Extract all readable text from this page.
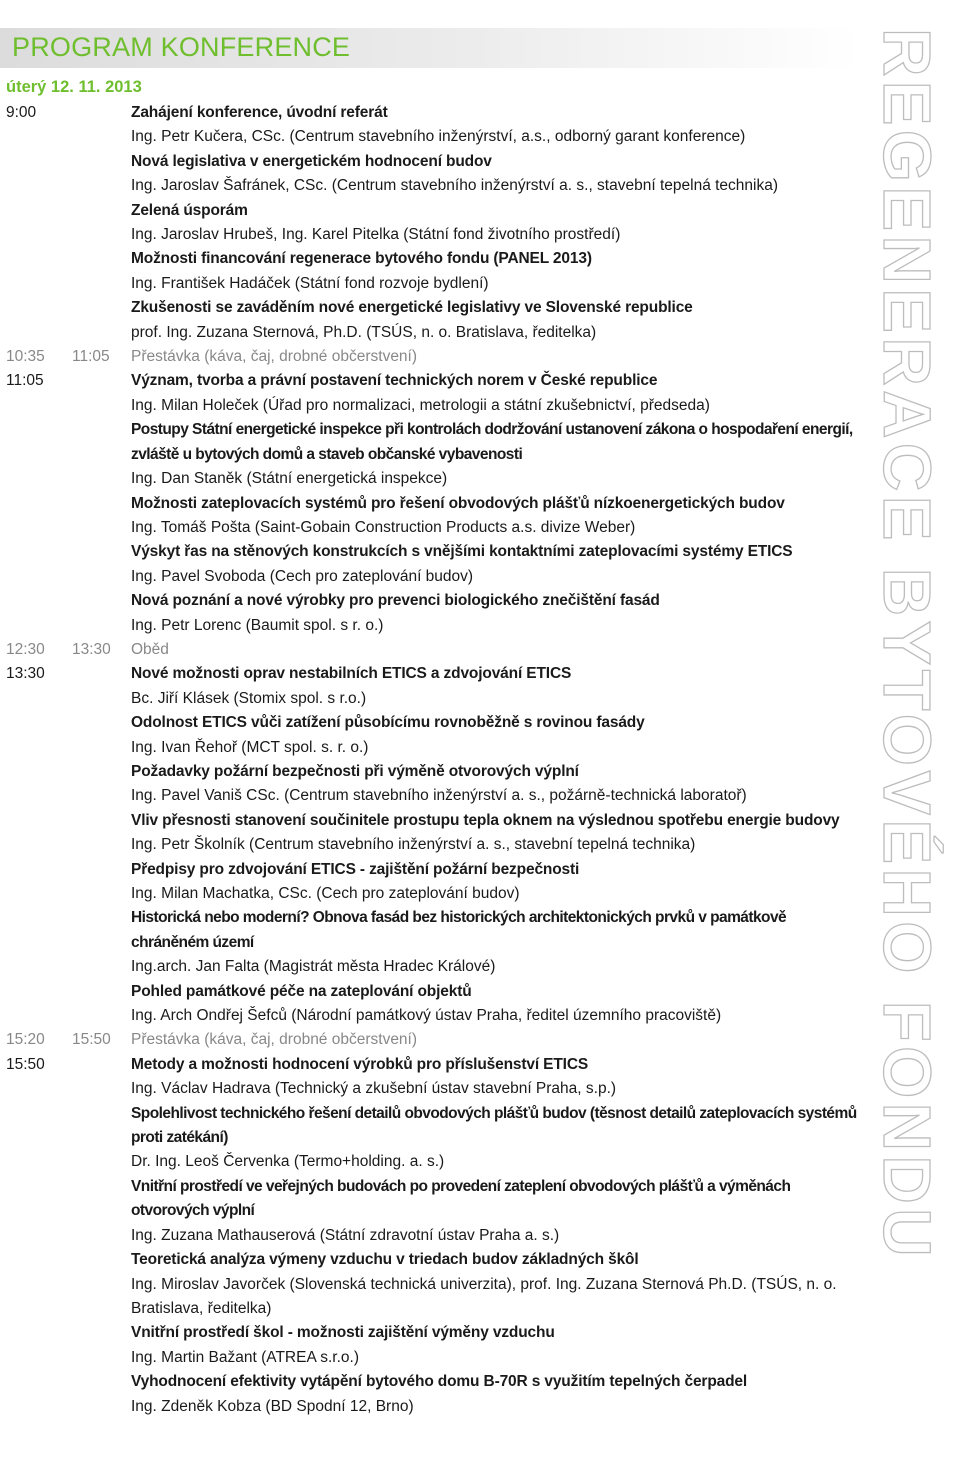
PROGRAM KONFERENCE
úterý 12. 11. 2013	REGENERACE BYTOVÉHO FONDU
9:00	Zahájení konference, úvodní referát
Ing. Petr Kučera, CSc. (Centrum stavebního inženýrství, a.s., odborný garant konference)
Nová legislativa v energetickém hodnocení budov
Ing. Jaroslav Šafránek, CSc. (Centrum stavebního inženýrství a. s., stavební tepelná technika)
Zelená úsporám
Ing. Jaroslav Hrubeš, Ing. Karel Pitelka (Státní fond životního prostředí)
Možnosti financování regenerace bytového fondu (PANEL 2013)
Ing. František Hadáček (Státní fond rozvoje bydlení)
Zkušenosti se zaváděním nové energetické legislativy ve Slovenské republice
prof. Ing. Zuzana Sternová, Ph.D. (TSÚS, n. o. Bratislava, ředitelka)
10:35	11:05	Přestávka (káva, čaj, drobné občerstvení)
11:05	Význam, tvorba a právní postavení technických norem v České republice
Ing. Milan Holeček (Úřad pro normalizaci, metrologii a státní zkušebnictví, předseda)
Postupy Státní energetické inspekce při kontrolách dodržování ustanovení zákona o hospodaření energií, zvláště u bytových domů a staveb občanské vybavenosti
Ing. Dan Staněk (Státní energetická inspekce)
Možnosti zateplovacích systémů pro řešení obvodových plášťů nízkoenergetických budov
Ing. Tomáš Pošta (Saint-Gobain Construction Products a.s. divize Weber)
Výskyt řas na stěnových konstrukcích s vnějšími kontaktními zateplovacími systémy ETICS
Ing. Pavel Svoboda (Cech pro zateplování budov)
Nová poznání a nové výrobky pro prevenci biologického znečištění fasád
Ing. Petr Lorenc (Baumit spol. s r. o.)
12:30	13:30	Oběd
13:30	Nové možnosti oprav nestabilních ETICS a zdvojování ETICS
Bc. Jiří Klásek (Stomix spol. s r.o.)
Odolnost ETICS vůči zatížení působícímu rovnoběžně s rovinou fasády
Ing. Ivan Řehoř (MCT spol. s. r. o.)
Požadavky požární bezpečnosti při výměně otvorových výplní
Ing. Pavel Vaniš CSc. (Centrum stavebního inženýrství a. s., požárně-technická laboratoř)
Vliv přesnosti stanovení součinitele prostupu tepla oknem na výslednou spotřebu energie budovy
Ing. Petr Školník (Centrum stavebního inženýrství a. s., stavební tepelná technika)
Předpisy pro zdvojování ETICS - zajištění požární bezpečnosti
Ing. Milan Machatka, CSc. (Cech pro zateplování budov)
Historická nebo moderní? Obnova fasád bez historických architektonických prvků v památkově chráněném území
Ing.arch. Jan Falta (Magistrát města Hradec Králové)
Pohled památkové péče na zateplování objektů
Ing. Arch Ondřej Šefců (Národní památkový ústav Praha, ředitel územního pracoviště)
15:20	15:50	Přestávka (káva, čaj, drobné občerstvení)
15:50	Metody a možnosti hodnocení výrobků pro příslušenství ETICS
Ing. Václav Hadrava (Technický a zkušební ústav stavební Praha, s.p.)
Spolehlivost technického řešení detailů obvodových plášťů budov (těsnost detailů zateplovacích systémů proti zatékání)
Dr. Ing. Leoš Červenka (Termo+holding. a. s.)
Vnitřní prostředí ve veřejných budovách po provedení zateplení obvodových plášťů a výměnách otvorových výplní
Ing. Zuzana Mathauserová (Státní zdravotní ústav Praha a. s.)
Teoretická analýza výmeny vzduchu v triedach budov základných škôl
Ing. Miroslav Javorček (Slovenská technická univerzita), prof. Ing. Zuzana Sternová Ph.D. (TSÚS, n. o. Bratislava, ředitelka)
Vnitřní prostředí škol - možnosti zajištění výměny vzduchu
Ing. Martin Bažant (ATREA s.r.o.)
Vyhodnocení efektivity vytápění bytového domu B-70R s využitím tepelných čerpadel
Ing. Zdeněk Kobza (BD Spodní 12, Brno)
